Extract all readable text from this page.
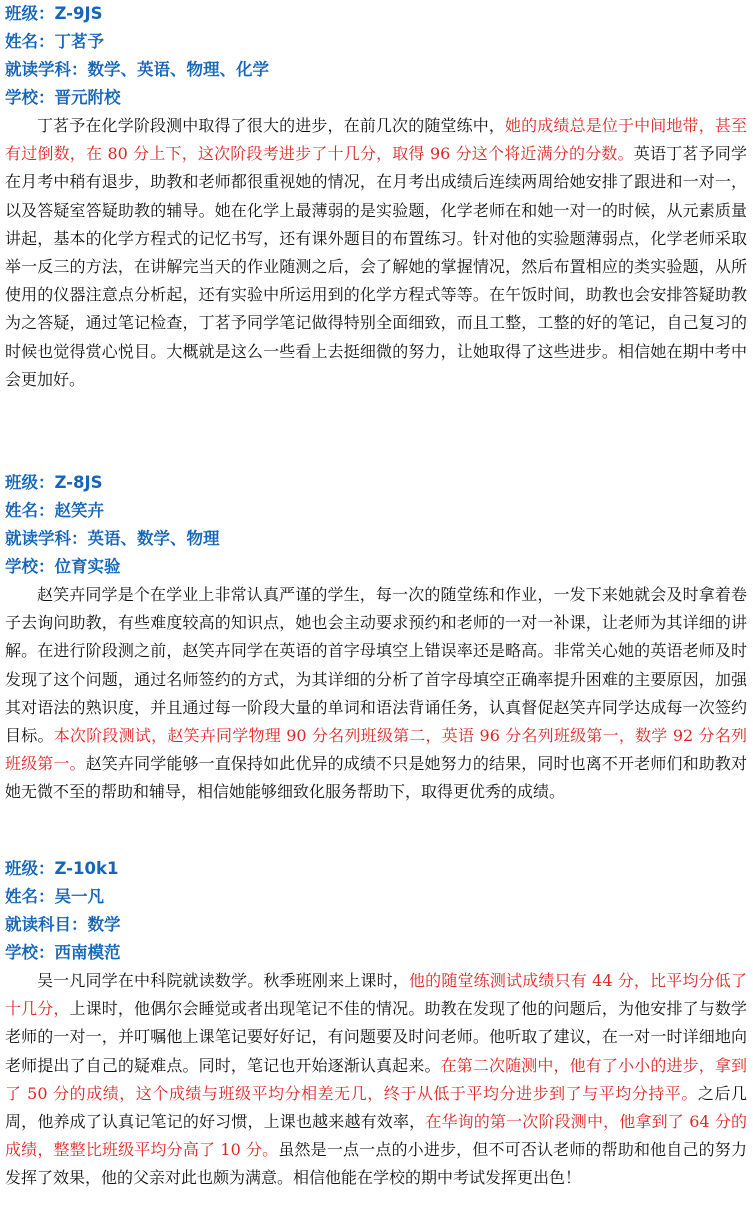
班级：Z-9JS
姓名：丁茗予
就读学科：数学、英语、物理、化学
学校：晋元附校

丁茗予在化学阶段测中取得了很大的进步，在前几次的随堂练中，她的成绩总是位于中间地带，甚至有过倒数，在 80 分上下，这次阶段考进步了十几分，取得 96 分这个将近满分的分数。英语丁茗予同学在月考中稍有退步，助教和老师都很重视她的情况，在月考出成绩后连续两周给她安排了跟进和一对一，以及答疑室答疑助教的辅导。她在化学上最薄弱的是实验题，化学老师在和她一对一的时候，从元素质量讲起，基本的化学方程式的记忆书写，还有课外题目的布置练习。针对他的实验题薄弱点，化学老师采取举一反三的方法，在讲解完当天的作业随测之后，会了解她的掌握情况，然后布置相应的类实验题，从所使用的仪器注意点分析起，还有实验中所运用到的化学方程式等等。在午饭时间，助教也会安排答疑助教为之答疑，通过笔记检查，丁茗予同学笔记做得特别全面细致，而且工整，工整的好的笔记，自己复习的时候也觉得赏心悦目。大概就是这么一些看上去挺细微的努力，让她取得了这些进步。相信她在期中考中会更加好。

班级：Z-8JS
姓名：赵笑卉
就读学科：英语、数学、物理
学校：位育实验

赵笑卉同学是个在学业上非常认真严谨的学生，每一次的随堂练和作业，一发下来她就会及时拿着卷子去询问助教，有些难度较高的知识点，她也会主动要求预约和老师的一对一补课，让老师为其详细的讲解。在进行阶段测之前，赵笑卉同学在英语的首字母填空上错误率还是略高。非常关心她的英语老师及时发现了这个问题，通过名师签约的方式，为其详细的分析了首字母填空正确率提升困难的主要原因，加强其对语法的熟识度，并且通过每一阶段大量的单词和语法背诵任务，认真督促赵笑卉同学达成每一次签约目标。本次阶段测试，赵笑卉同学物理 90 分名列班级第二，英语 96 分名列班级第一，数学 92 分名列班级第一。赵笑卉同学能够一直保持如此优异的成绩不只是她努力的结果，同时也离不开老师们和助教对她无微不至的帮助和辅导，相信她能够细致化服务帮助下，取得更优秀的成绩。

班级：Z-10k1
姓名：吴一凡
就读科目：数学
学校：西南模范

吴一凡同学在中科院就读数学。秋季班刚来上课时，他的随堂练测试成绩只有 44 分，比平均分低了十几分，上课时，他偶尔会睡觉或者出现笔记不佳的情况。助教在发现了他的问题后，为他安排了与数学老师的一对一，并叮嘱他上课笔记要好好记，有问题要及时问老师。他听取了建议，在一对一时详细地向老师提出了自己的疑难点。同时，笔记也开始逐渐认真起来。在第二次随测中，他有了小小的进步，拿到了 50 分的成绩，这个成绩与班级平均分相差无几，终于从低于平均分进步到了与平均分持平。之后几周，他养成了认真记笔记的好习惯，上课也越来越有效率，在华询的第一次阶段测中，他拿到了 64 分的成绩，整整比班级平均分高了 10 分。虽然是一点一点的小进步，但不可否认老师的帮助和他自己的努力发挥了效果，他的父亲对此也颇为满意。相信他能在学校的期中考试发挥更出色！
